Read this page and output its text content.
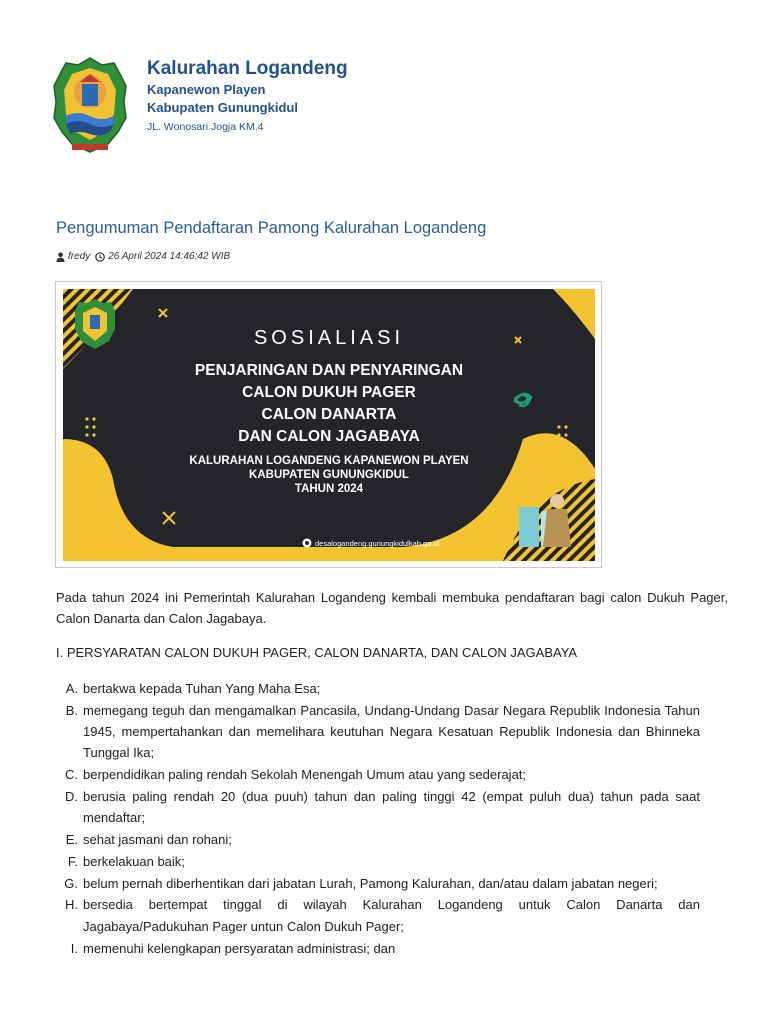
Kalurahan Logandeng
Kapanewon Playen
Kabupaten Gunungkidul
JL. Wonosari Jogja KM.4
Pengumuman Pendaftaran Pamong Kalurahan Logandeng
fredy 26 April 2024 14:46:42 WIB
SOSIALIASI
PENJARINGAN DAN PENYARINGAN
CALON DUKUH PAGER
CALON DANARTA
DAN CALON JAGABAYA
KALURAHAN LOGANDENG KAPANEWON PLAYEN
KABUPATEN GUNUNGKIDUL
TAHUN 2024
desalogandeng.gunungkidulkab.go.id
Pada tahun 2024 ini Pemerintah Kalurahan Logandeng kembali membuka pendaftaran bagi calon Dukuh Pager, Calon Danarta dan Calon Jagabaya.
I. PERSYARATAN CALON DUKUH PAGER, CALON DANARTA, DAN CALON JAGABAYA
A. bertakwa kepada Tuhan Yang Maha Esa;
B. memegang teguh dan mengamalkan Pancasila, Undang-Undang Dasar Negara Republik Indonesia Tahun 1945, mempertahankan dan memelihara keutuhan Negara Kesatuan Republik Indonesia dan Bhinneka Tunggal Ika;
C. berpendidikan paling rendah Sekolah Menengah Umum atau yang sederajat;
D. berusia paling rendah 20 (dua puuh) tahun dan paling tinggi 42 (empat puluh dua) tahun pada saat mendaftar;
E. sehat jasmani dan rohani;
F. berkelakuan baik;
G. belum pernah diberhentikan dari jabatan Lurah, Pamong Kalurahan, dan/atau dalam jabatan negeri;
H. bersedia bertempat tinggal di wilayah Kalurahan Logandeng untuk Calon Danarta dan Jagabaya/Padukuhan Pager untun Calon Dukuh Pager;
I. memenuhi kelengkapan persyaratan administrasi; dan
